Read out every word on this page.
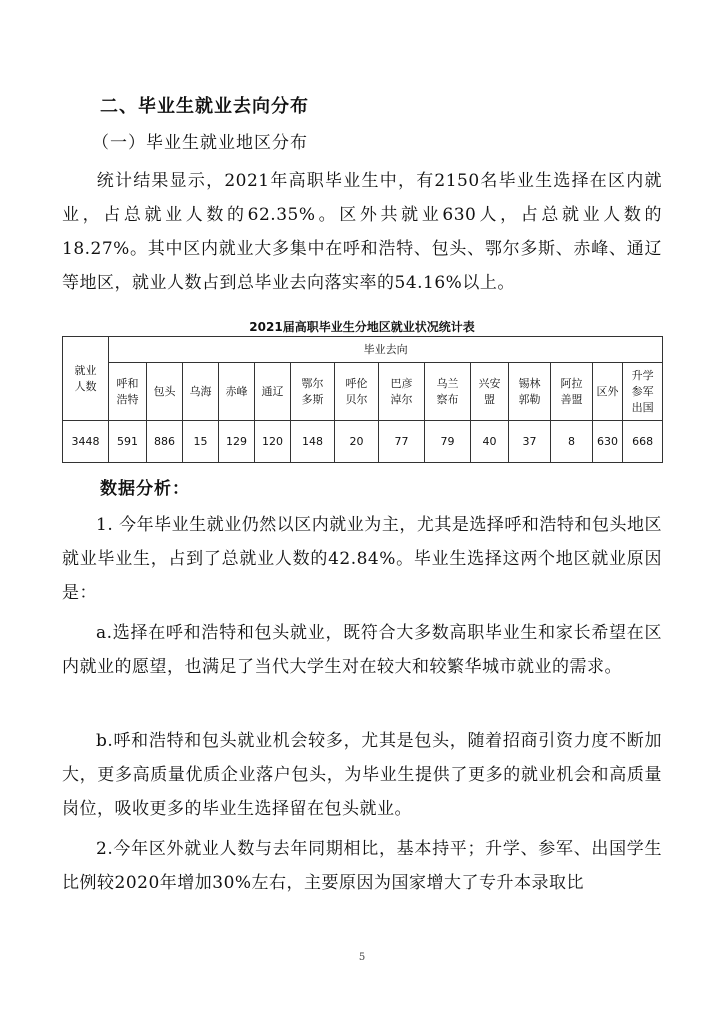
二、毕业生就业去向分布
（一）毕业生就业地区分布

统计结果显示，2021年高职毕业生中，有2150名毕业生选择在区内就业，占总就业人数的62.35%。区外共就业630人，占总就业人数的18.27%。其中区内就业大多集中在呼和浩特、包头、鄂尔多斯、赤峰、通辽等地区，就业人数占到总毕业去向落实率的54.16%以上。

2021届高职毕业生分地区就业状况统计表
就业人数	毕业去向													
	呼和浩特	包头	乌海	赤峰	通辽	鄂尔多斯	呼伦贝尔	巴彦淖尔	乌兰察布	兴安盟	锡林郭勒	阿拉善盟	区外	升学参军出国
3448	591	886	15	129	120	148	20	77	79	40	37	8	630	668
数据分析：

1. 今年毕业生就业仍然以区内就业为主，尤其是选择呼和浩特和包头地区就业毕业生，占到了总就业人数的42.84%。毕业生选择这两个地区就业原因是：

a.选择在呼和浩特和包头就业，既符合大多数高职毕业生和家长希望在区内就业的愿望，也满足了当代大学生对在较大和较繁华城市就业的需求。

b.呼和浩特和包头就业机会较多，尤其是包头，随着招商引资力度不断加大，更多高质量优质企业落户包头，为毕业生提供了更多的就业机会和高质量岗位，吸收更多的毕业生选择留在包头就业。

2.今年区外就业人数与去年同期相比，基本持平；升学、参军、出国学生比例较2020年增加30%左右，主要原因为国家增大了专升本录取比

5
